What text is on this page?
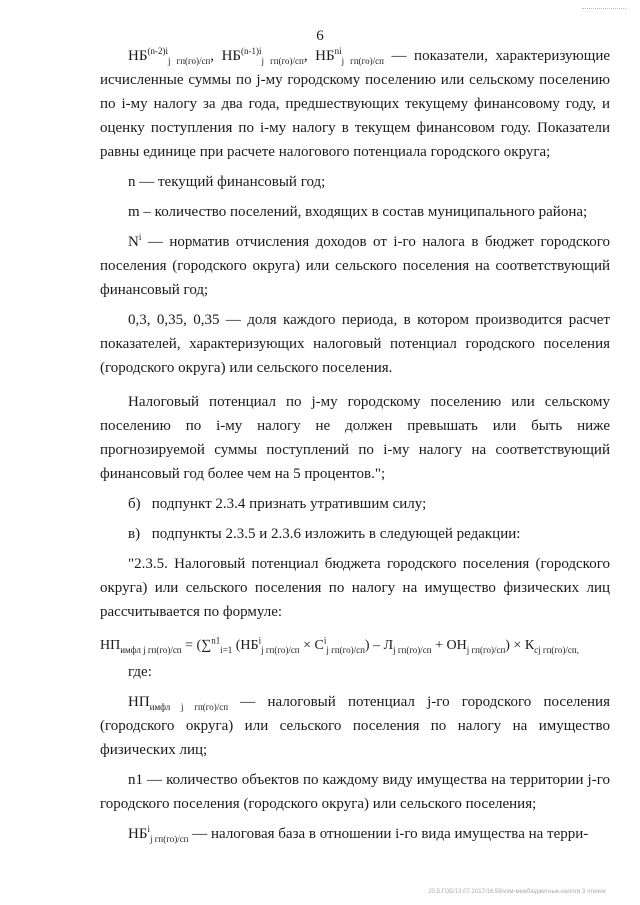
· · · · · · · ·
6

$НБ^{(n-2)i}_{j гп(го)/сп}$, $НБ^{(n-1)i}_{j гп(го)/сп}$, $НБ^{ni}_{j гп(го)/сп}$ — показатели, характеризующие исчисленные суммы по j-му городскому поселению или сельскому поселению по i-му налогу за два года, предшествующих текущему финансовому году, и оценку поступления по i-му налогу в текущем финансовом году. Показатели равны единице при расчете налогового потенциала городского округа;

n — текущий финансовый год;

m – количество поселений, входящих в состав муниципального района;

$N^i$ — норматив отчисления доходов от i-го налога в бюджет городского поселения (городского округа) или сельского поселения на соответствующий финансовый год;

0,3, 0,35, 0,35 — доля каждого периода, в котором производится расчет показателей, характеризующих налоговый потенциал городского поселения (городского округа) или сельского поселения.

Налоговый потенциал по j-му городскому поселению или сельскому поселению по i-му налогу не должен превышать или быть ниже прогнозируемой суммы поступлений по i-му налогу на соответствующий финансовый год более чем на 5 процентов.";

б) подпункт 2.3.4 признать утратившим силу;

в) подпункты 2.3.5 и 2.3.6 изложить в следующей редакции:

"2.3.5. Налоговый потенциал бюджета городского поселения (городского округа) или сельского поселения по налогу на имущество физических лиц рассчитывается по формуле:

$НП_{имфл j гп(го)/сп} = (\sum^{n1}_{i=1}$ $(НБ^i_{j гп(го)/сп} \times С^i_{j гп(го)/сп}) - Л_{j гп(го)/сп} + ОН_{j гп(го)/сп}) \times К_{сj гп(го)/сп,}$

где:

$НП_{имфл j гп(го)/сп}$ — налоговый потенциал j-го городского поселения (городского округа) или сельского поселения по налогу на имущество физических лиц;

n1 — количество объектов по каждому виду имущества на территории j-го городского поселения (городского округа) или сельского поселения;

$НБ^i_{j гп(го)/сп}$ — налоговая база в отношении i-го вида имущества на терри-

20.5.ГОБ/13.07.2017/16:58/изм-межбюджетные-налоги 3 чтение
